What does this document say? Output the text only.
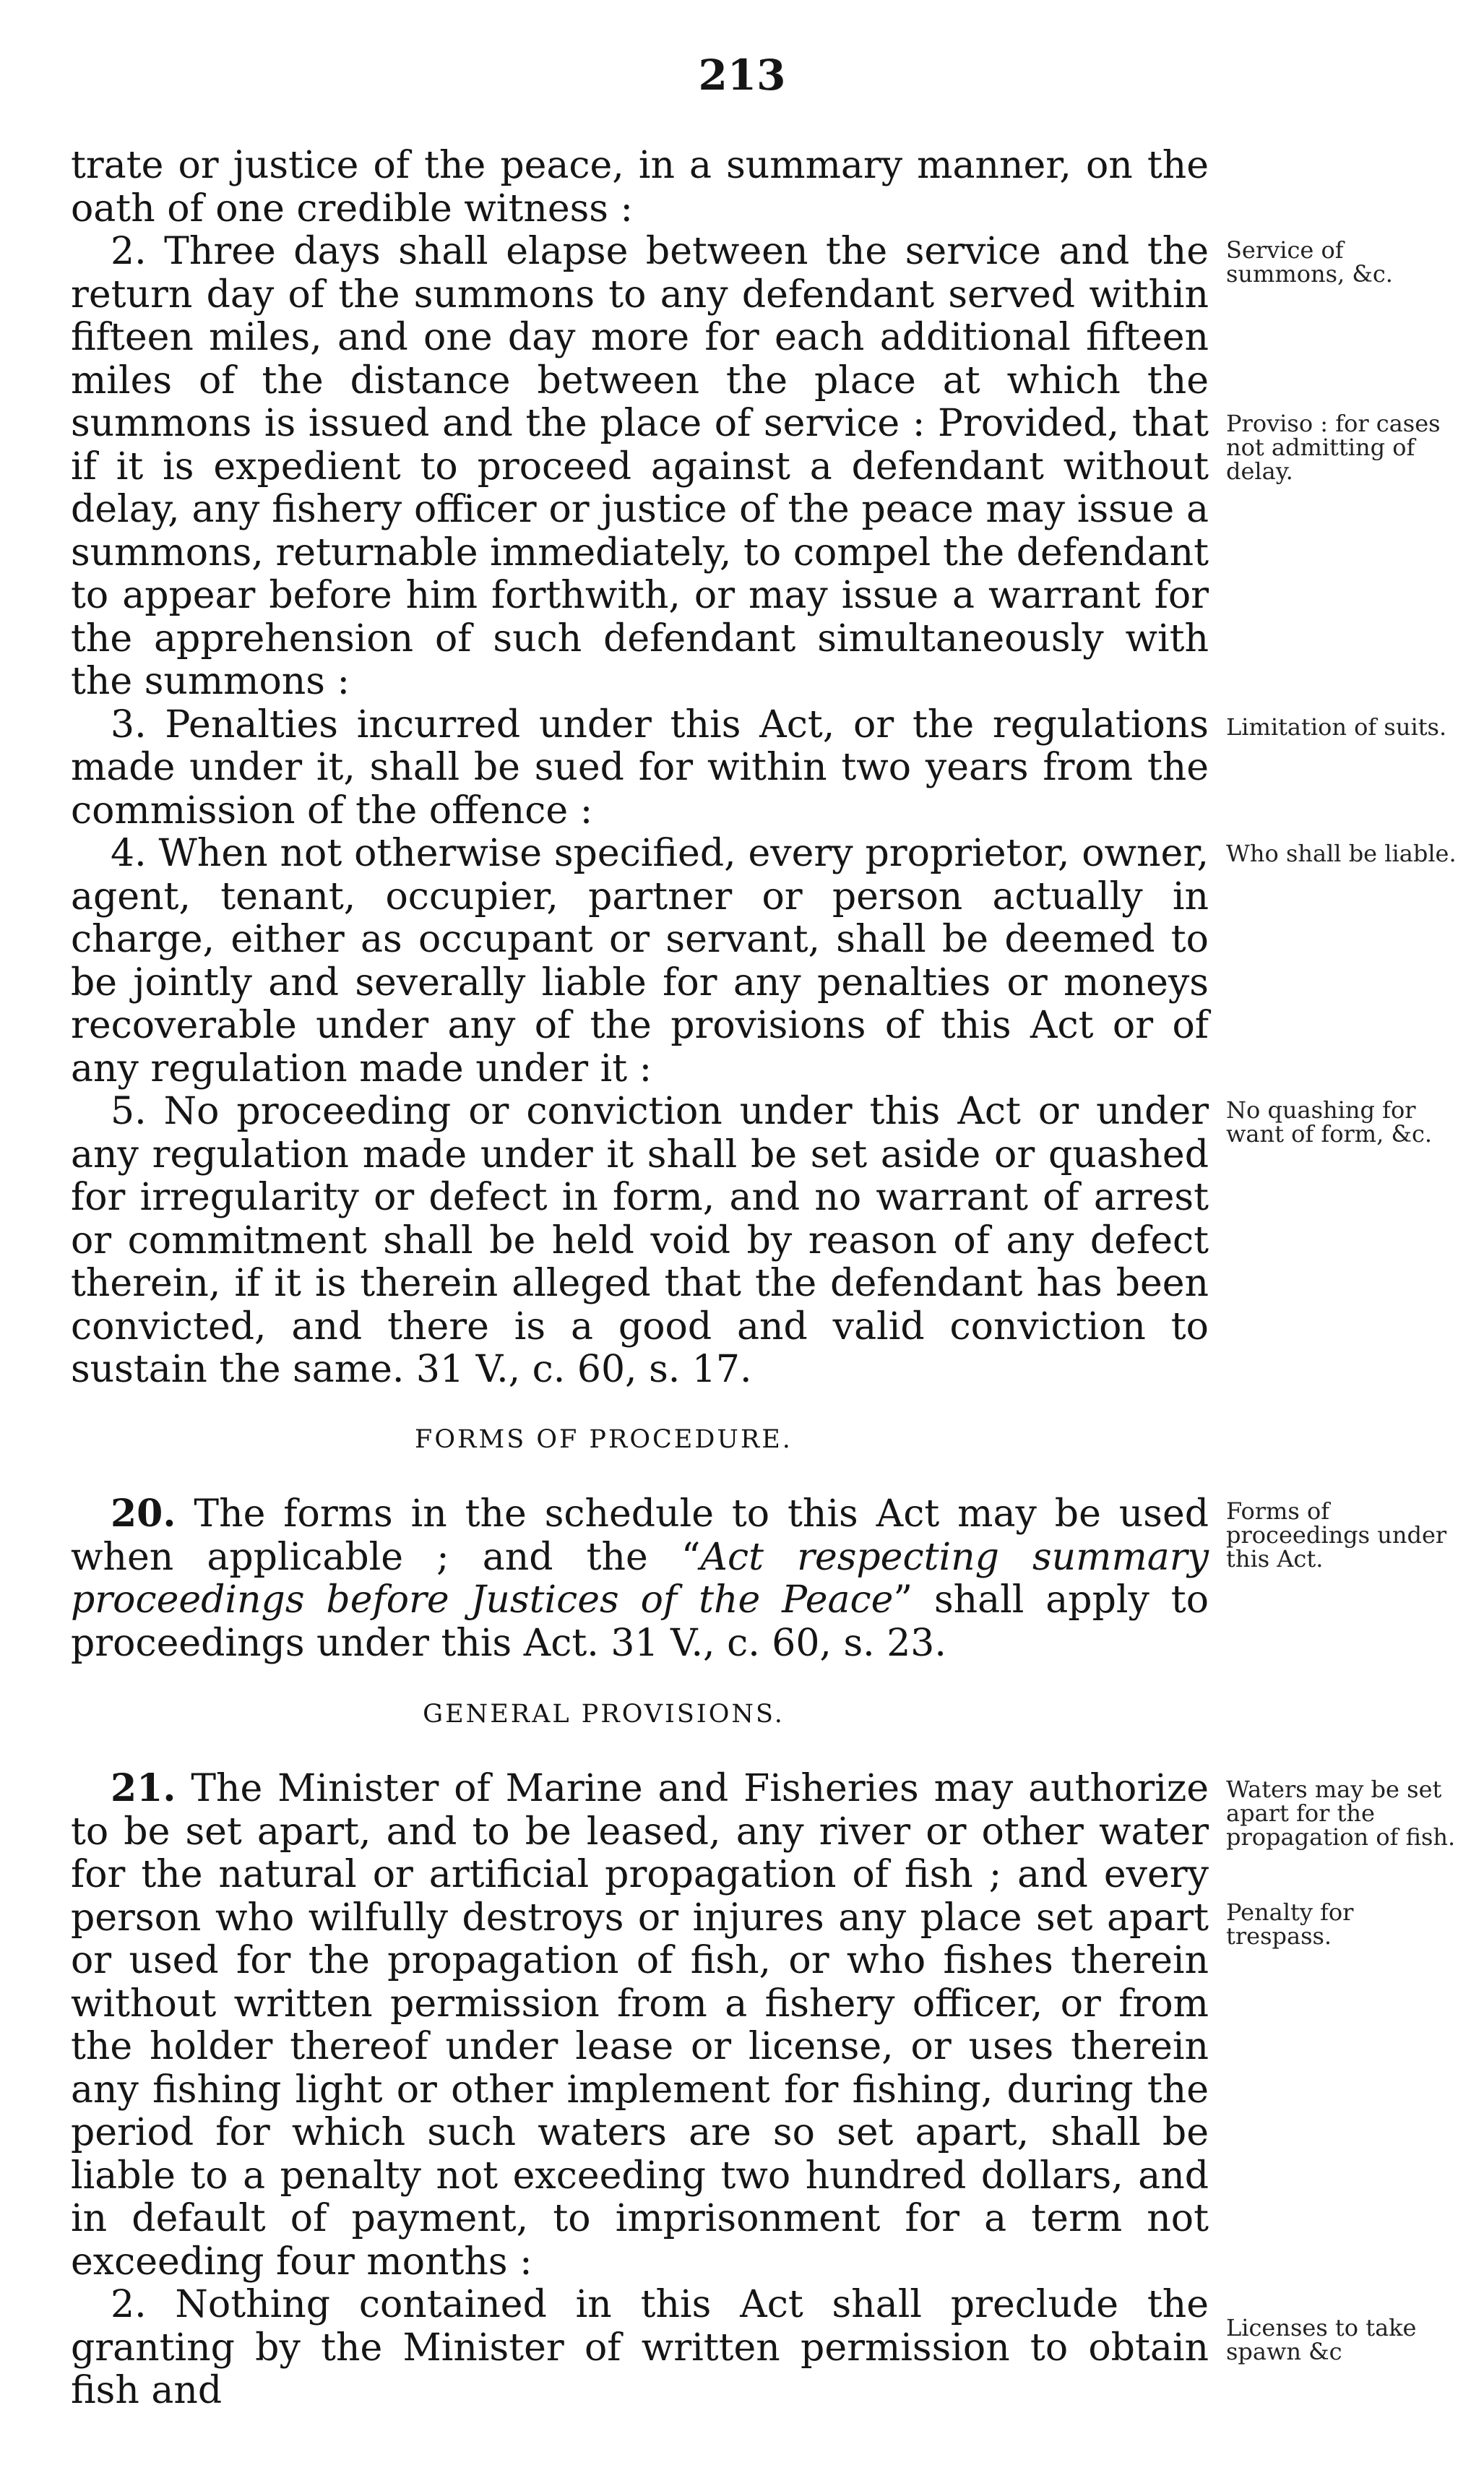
213

trate or justice of the peace, in a summary manner, on the oath of one credible witness :

2. Three days shall elapse between the service and the return day of the summons to any defendant served within fifteen miles, and one day more for each additional fifteen miles of the distance between the place at which the summons is issued and the place of service : Provided, that if it is expedient to proceed against a defendant without delay, any fishery officer or justice of the peace may issue a summons, returnable immediately, to compel the defendant to appear before him forthwith, or may issue a warrant for the apprehension of such defendant simultaneously with the summons :

3. Penalties incurred under this Act, or the regulations made under it, shall be sued for within two years from the commission of the offence :

4. When not otherwise specified, every proprietor, owner, agent, tenant, occupier, partner or person actually in charge, either as occupant or servant, shall be deemed to be jointly and severally liable for any penalties or moneys recoverable under any of the provisions of this Act or of any regulation made under it :

5. No proceeding or conviction under this Act or under any regulation made under it shall be set aside or quashed for irregularity or defect in form, and no warrant of arrest or commitment shall be held void by reason of any defect therein, if it is therein alleged that the defendant has been convicted, and there is a good and valid conviction to sustain the same. 31 V., c. 60, s. 17.

Service of summons, &c.
Proviso : for cases not admitting of delay.
Limitation of suits.
Who shall be liable.
No quashing for want of form, &c.
FORMS OF PROCEDURE.

20. The forms in the schedule to this Act may be used when applicable ; and the “Act respecting summary proceedings before Justices of the Peace” shall apply to proceedings under this Act. 31 V., c. 60, s. 23.

Forms of proceedings under this Act.
GENERAL PROVISIONS.

21. The Minister of Marine and Fisheries may authorize to be set apart, and to be leased, any river or other water for the natural or artificial propagation of fish ; and every person who wilfully destroys or injures any place set apart or used for the propagation of fish, or who fishes therein without written permission from a fishery officer, or from the holder thereof under lease or license, or uses therein any fishing light or other implement for fishing, during the period for which such waters are so set apart, shall be liable to a penalty not exceeding two hundred dollars, and in default of payment, to imprisonment for a term not exceeding four months :

2. Nothing contained in this Act shall preclude the granting by the Minister of written permission to obtain fish and

Waters may be set apart for the propagation of fish.
Penalty for trespass.
Licenses to take spawn &c
